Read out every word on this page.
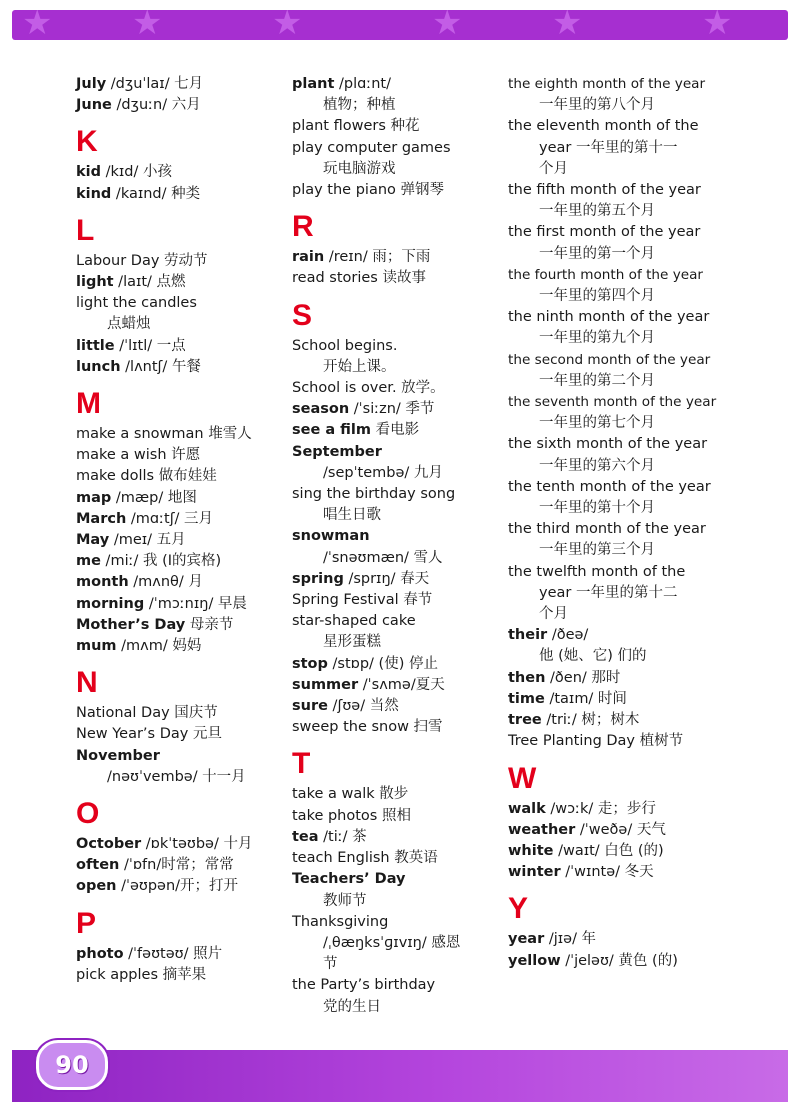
★ ★	★	★	★	★
July /dʒuˈlaɪ/ 七月
June /dʒuːn/ 六月
K
kid /kɪd/ 小孩
kind /kaɪnd/ 种类
L
Labour Day 劳动节
light /laɪt/ 点燃
light the candles
点蜡烛
little /ˈlɪtl/ 一点
lunch /lʌntʃ/ 午餐
M
make a snowman 堆雪人
make a wish 许愿
make dolls 做布娃娃
map /mæp/ 地图
March /mɑːtʃ/ 三月
May /meɪ/ 五月
me /miː/ 我 (I的宾格)
month /mʌnθ/ 月
morning /ˈmɔːnɪŋ/ 早晨
Mother’s Day 母亲节
mum /mʌm/ 妈妈
N
National Day 国庆节
New Year’s Day 元旦
November
/nəʊˈvembə/ 十一月
O
October /ɒkˈtəʊbə/ 十月
often /ˈɒfn/时常；常常
open /ˈəʊpən/开；打开
P
photo /ˈfəʊtəʊ/ 照片
pick apples 摘苹果
plant /plɑːnt/
植物；种植
plant flowers 种花
play computer games
玩电脑游戏
play the piano 弹钢琴
R
rain /reɪn/ 雨；下雨
read stories 读故事
S
School begins.
开始上课。
School is over. 放学。
season /ˈsiːzn/ 季节
see a film 看电影
September
/sepˈtembə/ 九月
sing the birthday song
唱生日歌
snowman
/ˈsnəʊmæn/ 雪人
spring /sprɪŋ/ 春天
Spring Festival 春节
star-shaped cake
星形蛋糕
stop /stɒp/ (使) 停止
summer /ˈsʌmə/夏天
sure /ʃʊə/ 当然
sweep the snow 扫雪
T
take a walk 散步
take photos 照相
tea /tiː/ 茶
teach English 教英语
Teachers’ Day
教师节
Thanksgiving
/ˌθæŋksˈɡɪvɪŋ/ 感恩
节
the Party’s birthday
党的生日
the eighth month of the year
一年里的第八个月
the eleventh month of the
year 一年里的第十一
个月
the fifth month of the year
一年里的第五个月
the first month of the year
一年里的第一个月
the fourth month of the year
一年里的第四个月
the ninth month of the year
一年里的第九个月
the second month of the year
一年里的第二个月
the seventh month of the year
一年里的第七个月
the sixth month of the year
一年里的第六个月
the tenth month of the year
一年里的第十个月
the third month of the year
一年里的第三个月
the twelfth month of the
year 一年里的第十二
个月
their /ðeə/
他 (她、它) 们的
then /ðen/ 那时
time /taɪm/ 时间
tree /triː/ 树；树木
Tree Planting Day 植树节
W
walk /wɔːk/ 走；步行
weather /ˈweðə/ 天气
white /waɪt/ 白色 (的)
winter /ˈwɪntə/ 冬天
Y
year /jɪə/ 年
yellow /ˈjeləʊ/ 黄色 (的)
90
